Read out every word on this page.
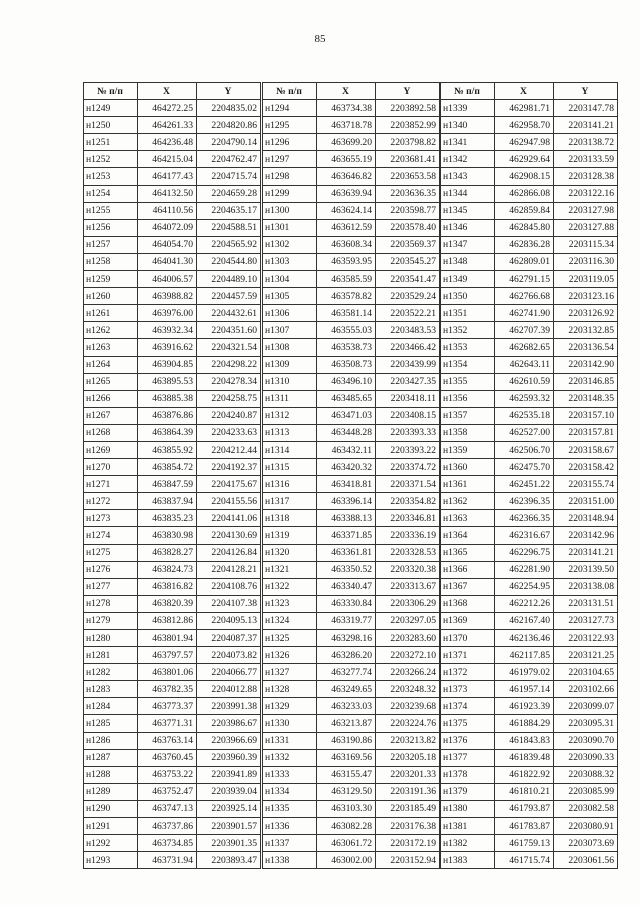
85
№ п/п	X	Y
н1249	464272.25	2204835.02
н1250	464261.33	2204820.86
н1251	464236.48	2204790.14
н1252	464215.04	2204762.47
н1253	464177.43	2204715.74
н1254	464132.50	2204659.28
н1255	464110.56	2204635.17
н1256	464072.09	2204588.51
н1257	464054.70	2204565.92
н1258	464041.30	2204544.80
н1259	464006.57	2204489.10
н1260	463988.82	2204457.59
н1261	463976.00	2204432.61
н1262	463932.34	2204351.60
н1263	463916.62	2204321.54
н1264	463904.85	2204298.22
н1265	463895.53	2204278.34
н1266	463885.38	2204258.75
н1267	463876.86	2204240.87
н1268	463864.39	2204233.63
н1269	463855.92	2204212.44
н1270	463854.72	2204192.37
н1271	463847.59	2204175.67
н1272	463837.94	2204155.56
н1273	463835.23	2204141.06
н1274	463830.98	2204130.69
н1275	463828.27	2204126.84
н1276	463824.73	2204128.21
н1277	463816.82	2204108.76
н1278	463820.39	2204107.38
н1279	463812.86	2204095.13
н1280	463801.94	2204087.37
н1281	463797.57	2204073.82
н1282	463801.06	2204066.77
н1283	463782.35	2204012.88
н1284	463773.37	2203991.38
н1285	463771.31	2203986.67
н1286	463763.14	2203966.69
н1287	463760.45	2203960.39
н1288	463753.22	2203941.89
н1289	463752.47	2203939.04
н1290	463747.13	2203925.14
н1291	463737.86	2203901.57
н1292	463734.85	2203901.35
н1293	463731.94	2203893.47
№ п/п	X	Y
н1294	463734.38	2203892.58
н1295	463718.78	2203852.99
н1296	463699.20	2203798.82
н1297	463655.19	2203681.41
н1298	463646.82	2203653.58
н1299	463639.94	2203636.35
н1300	463624.14	2203598.77
н1301	463612.59	2203578.40
н1302	463608.34	2203569.37
н1303	463593.95	2203545.27
н1304	463585.59	2203541.47
н1305	463578.82	2203529.24
н1306	463581.14	2203522.21
н1307	463555.03	2203483.53
н1308	463538.73	2203466.42
н1309	463508.73	2203439.99
н1310	463496.10	2203427.35
н1311	463485.65	2203418.11
н1312	463471.03	2203408.15
н1313	463448.28	2203393.33
н1314	463432.11	2203393.22
н1315	463420.32	2203374.72
н1316	463418.81	2203371.54
н1317	463396.14	2203354.82
н1318	463388.13	2203346.81
н1319	463371.85	2203336.19
н1320	463361.81	2203328.53
н1321	463350.52	2203320.38
н1322	463340.47	2203313.67
н1323	463330.84	2203306.29
н1324	463319.77	2203297.05
н1325	463298.16	2203283.60
н1326	463286.20	2203272.10
н1327	463277.74	2203266.24
н1328	463249.65	2203248.32
н1329	463233.03	2203239.68
н1330	463213.87	2203224.76
н1331	463190.86	2203213.82
н1332	463169.56	2203205.18
н1333	463155.47	2203201.33
н1334	463129.50	2203191.36
н1335	463103.30	2203185.49
н1336	463082.28	2203176.38
н1337	463061.72	2203172.19
н1338	463002.00	2203152.94
№ п/п	X	Y
н1339	462981.71	2203147.78
н1340	462958.70	2203141.21
н1341	462947.98	2203138.72
н1342	462929.64	2203133.59
н1343	462908.15	2203128.38
н1344	462866.08	2203122.16
н1345	462859.84	2203127.98
н1346	462845.80	2203127.88
н1347	462836.28	2203115.34
н1348	462809.01	2203116.30
н1349	462791.15	2203119.05
н1350	462766.68	2203123.16
н1351	462741.90	2203126.92
н1352	462707.39	2203132.85
н1353	462682.65	2203136.54
н1354	462643.11	2203142.90
н1355	462610.59	2203146.85
н1356	462593.32	2203148.35
н1357	462535.18	2203157.10
н1358	462527.00	2203157.81
н1359	462506.70	2203158.67
н1360	462475.70	2203158.42
н1361	462451.22	2203155.74
н1362	462396.35	2203151.00
н1363	462366.35	2203148.94
н1364	462316.67	2203142.96
н1365	462296.75	2203141.21
н1366	462281.90	2203139.50
н1367	462254.95	2203138.08
н1368	462212.26	2203131.51
н1369	462167.40	2203127.73
н1370	462136.46	2203122.93
н1371	462117.85	2203121.25
н1372	461979.02	2203104.65
н1373	461957.14	2203102.66
н1374	461923.39	2203099.07
н1375	461884.29	2203095.31
н1376	461843.83	2203090.70
н1377	461839.48	2203090.33
н1378	461822.92	2203088.32
н1379	461810.21	2203085.99
н1380	461793.87	2203082.58
н1381	461783.87	2203080.91
н1382	461759.13	2203073.69
н1383	461715.74	2203061.56
